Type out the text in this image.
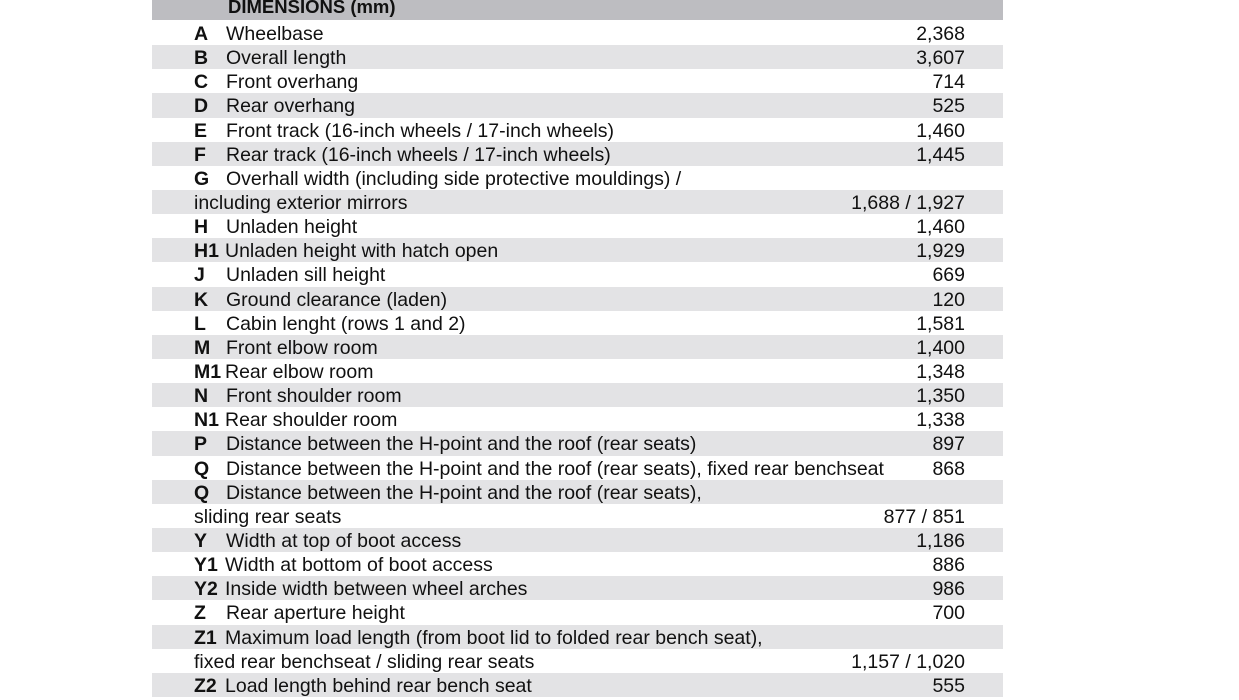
DIMENSIONS (mm)
A Wheelbase	2,368
B Overall length	3,607
C Front overhang	714
D Rear overhang	525
E Front track (16-inch wheels / 17-inch wheels)	1,460
F Rear track (16-inch wheels / 17-inch wheels)	1,445
G Overhall width (including side protective mouldings) /
including exterior mirrors	1,688 / 1,927
H Unladen height	1,460
H1 Unladen height with hatch open	1,929
J Unladen sill height	669
K Ground clearance (laden)	120
L Cabin lenght (rows 1 and 2)	1,581
M Front elbow room	1,400
M1 Rear elbow room	1,348
N Front shoulder room	1,350
N1 Rear shoulder room	1,338
P Distance between the H-point and the roof (rear seats)	897
Q Distance between the H-point and the roof (rear seats), fixed rear benchseat 868
Q Distance between the H-point and the roof (rear seats),
sliding rear seats	877 / 851
Y Width at top of boot access	1,186
Y1 Width at bottom of boot access	886
Y2 Inside width between wheel arches	986
Z Rear aperture height	700
Z1 Maximum load length (from boot lid to folded rear bench seat),
fixed rear benchseat / sliding rear seats	1,157 / 1,020
Z2 Load length behind rear bench seat	555
